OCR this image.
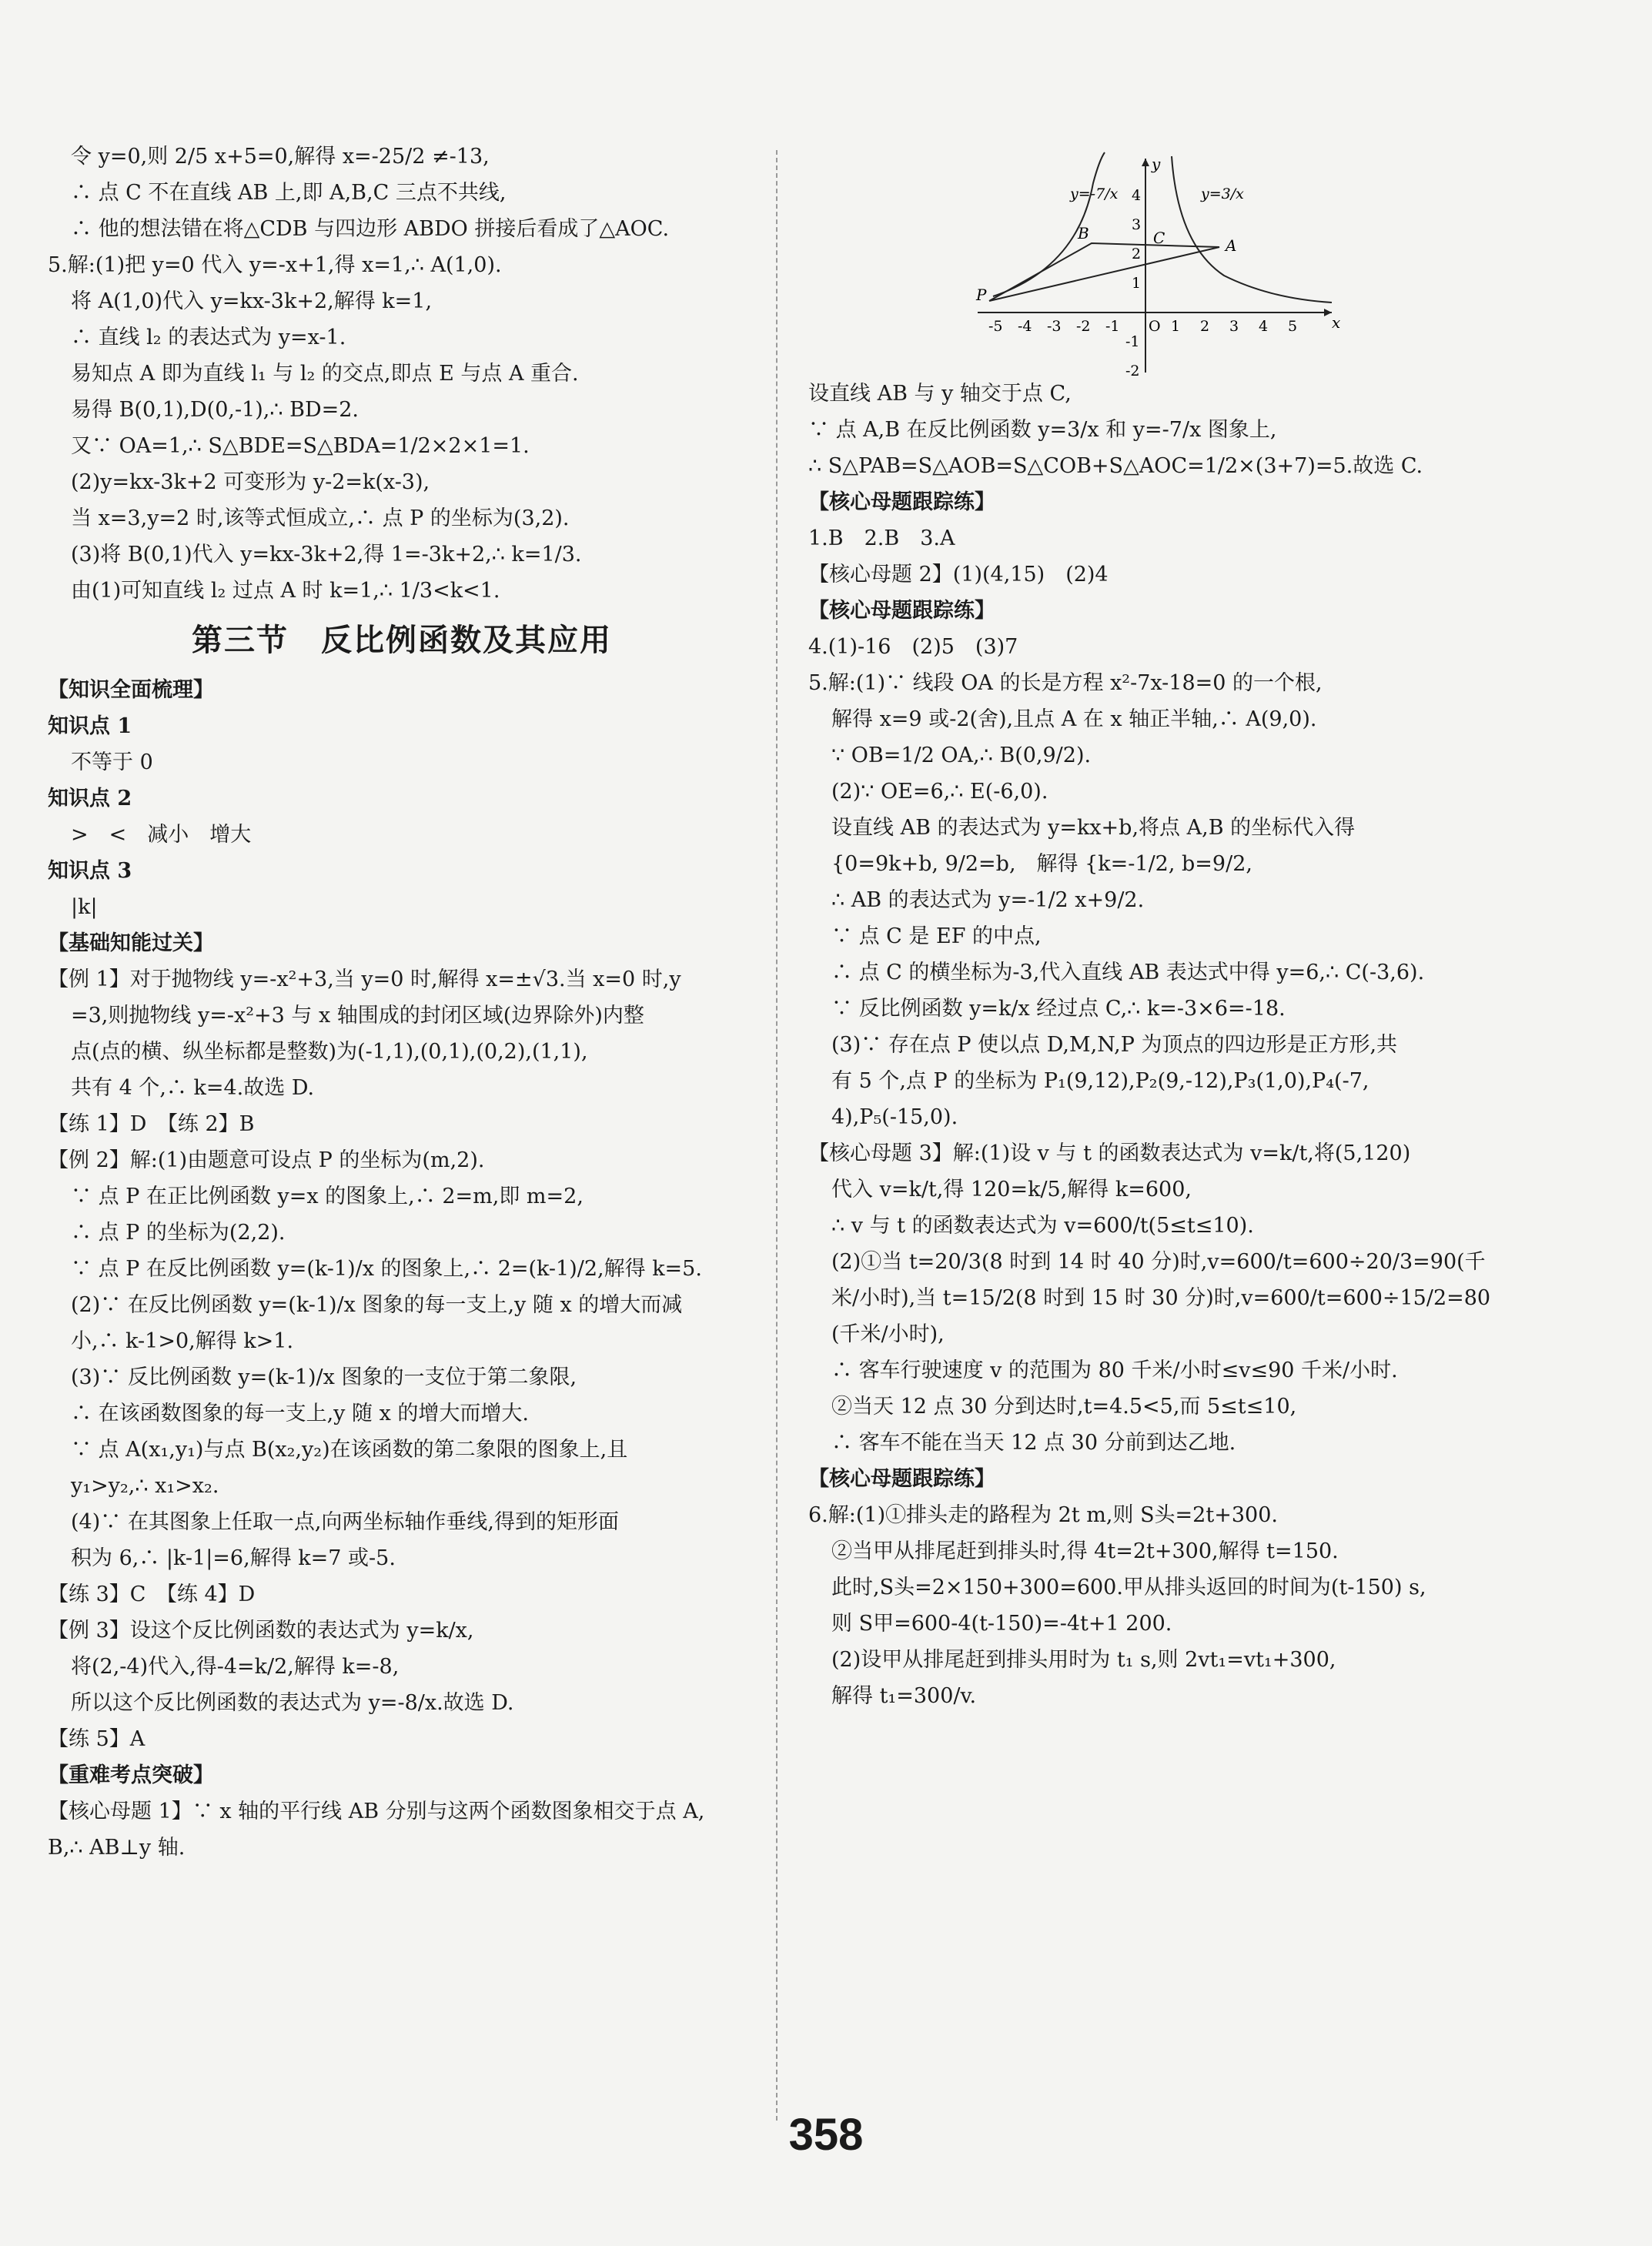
令 y=0,则 2/5 x+5=0,解得 x=-25/2 ≠-13,
∴ 点 C 不在直线 AB 上,即 A,B,C 三点不共线,
∴ 他的想法错在将△CDB 与四边形 ABDO 拼接后看成了△AOC.
5.解:(1)把 y=0 代入 y=-x+1,得 x=1,∴ A(1,0).
将 A(1,0)代入 y=kx-3k+2,解得 k=1,
∴ 直线 l₂ 的表达式为 y=x-1.
易知点 A 即为直线 l₁ 与 l₂ 的交点,即点 E 与点 A 重合.
易得 B(0,1),D(0,-1),∴ BD=2.
又∵ OA=1,∴ S△BDE=S△BDA=1/2×2×1=1.
(2)y=kx-3k+2 可变形为 y-2=k(x-3),
当 x=3,y=2 时,该等式恒成立,∴ 点 P 的坐标为(3,2).
(3)将 B(0,1)代入 y=kx-3k+2,得 1=-3k+2,∴ k=1/3.
由(1)可知直线 l₂ 过点 A 时 k=1,∴ 1/3<k<1.
第三节　反比例函数及其应用
【知识全面梳理】
知识点 1
不等于 0
知识点 2
>　<　减小　增大
知识点 3
|k|
【基础知能过关】
【例 1】对于抛物线 y=-x²+3,当 y=0 时,解得 x=±√3.当 x=0 时,y
=3,则抛物线 y=-x²+3 与 x 轴围成的封闭区域(边界除外)内整
点(点的横、纵坐标都是整数)为(-1,1),(0,1),(0,2),(1,1),
共有 4 个,∴ k=4.故选 D.
【练 1】D　【练 2】B
【例 2】解:(1)由题意可设点 P 的坐标为(m,2).
∵ 点 P 在正比例函数 y=x 的图象上,∴ 2=m,即 m=2,
∴ 点 P 的坐标为(2,2).
∵ 点 P 在反比例函数 y=(k-1)/x 的图象上,∴ 2=(k-1)/2,解得 k=5.
(2)∵ 在反比例函数 y=(k-1)/x 图象的每一支上,y 随 x 的增大而减
小,∴ k-1>0,解得 k>1.
(3)∵ 反比例函数 y=(k-1)/x 图象的一支位于第二象限,
∴ 在该函数图象的每一支上,y 随 x 的增大而增大.
∵ 点 A(x₁,y₁)与点 B(x₂,y₂)在该函数的第二象限的图象上,且
y₁>y₂,∴ x₁>x₂.
(4)∵ 在其图象上任取一点,向两坐标轴作垂线,得到的矩形面
积为 6,∴ |k-1|=6,解得 k=7 或-5.
【练 3】C　【练 4】D
【例 3】设这个反比例函数的表达式为 y=k/x,
将(2,-4)代入,得-4=k/2,解得 k=-8,
所以这个反比例函数的表达式为 y=-8/x.故选 D.
【练 5】A
【重难考点突破】
【核心母题 1】∵ x 轴的平行线 AB 分别与这两个函数图象相交于点 A,
B,∴ AB⊥y 轴.
x
y
-5 -4 -3 -2 -1 O 1 2 3 4 5
4
3
2
1
-1
-2
y=-7/x	y=3/x
B	C	A
P
设直线 AB 与 y 轴交于点 C,
∵ 点 A,B 在反比例函数 y=3/x 和 y=-7/x 图象上,
∴ S△PAB=S△AOB=S△COB+S△AOC=1/2×(3+7)=5.故选 C.
【核心母题跟踪练】
1.B　2.B　3.A
【核心母题 2】(1)(4,15)　(2)4
【核心母题跟踪练】
4.(1)-16　(2)5　(3)7
5.解:(1)∵ 线段 OA 的长是方程 x²-7x-18=0 的一个根,
解得 x=9 或-2(舍),且点 A 在 x 轴正半轴,∴ A(9,0).
∵ OB=1/2 OA,∴ B(0,9/2).
(2)∵ OE=6,∴ E(-6,0).
设直线 AB 的表达式为 y=kx+b,将点 A,B 的坐标代入得
{0=9k+b, 9/2=b,　解得 {k=-1/2, b=9/2,
∴ AB 的表达式为 y=-1/2 x+9/2.
∵ 点 C 是 EF 的中点,
∴ 点 C 的横坐标为-3,代入直线 AB 表达式中得 y=6,∴ C(-3,6).
∵ 反比例函数 y=k/x 经过点 C,∴ k=-3×6=-18.
(3)∵ 存在点 P 使以点 D,M,N,P 为顶点的四边形是正方形,共
有 5 个,点 P 的坐标为 P₁(9,12),P₂(9,-12),P₃(1,0),P₄(-7,
4),P₅(-15,0).
【核心母题 3】解:(1)设 v 与 t 的函数表达式为 v=k/t,将(5,120)
代入 v=k/t,得 120=k/5,解得 k=600,
∴ v 与 t 的函数表达式为 v=600/t(5≤t≤10).
(2)①当 t=20/3(8 时到 14 时 40 分)时,v=600/t=600÷20/3=90(千
米/小时),当 t=15/2(8 时到 15 时 30 分)时,v=600/t=600÷15/2=80
(千米/小时),
∴ 客车行驶速度 v 的范围为 80 千米/小时≤v≤90 千米/小时.
②当天 12 点 30 分到达时,t=4.5<5,而 5≤t≤10,
∴ 客车不能在当天 12 点 30 分前到达乙地.
【核心母题跟踪练】
6.解:(1)①排头走的路程为 2t m,则 S头=2t+300.
②当甲从排尾赶到排头时,得 4t=2t+300,解得 t=150.
此时,S头=2×150+300=600.甲从排头返回的时间为(t-150) s,
则 S甲=600-4(t-150)=-4t+1 200.
(2)设甲从排尾赶到排头用时为 t₁ s,则 2vt₁=vt₁+300,
解得 t₁=300/v.
358
